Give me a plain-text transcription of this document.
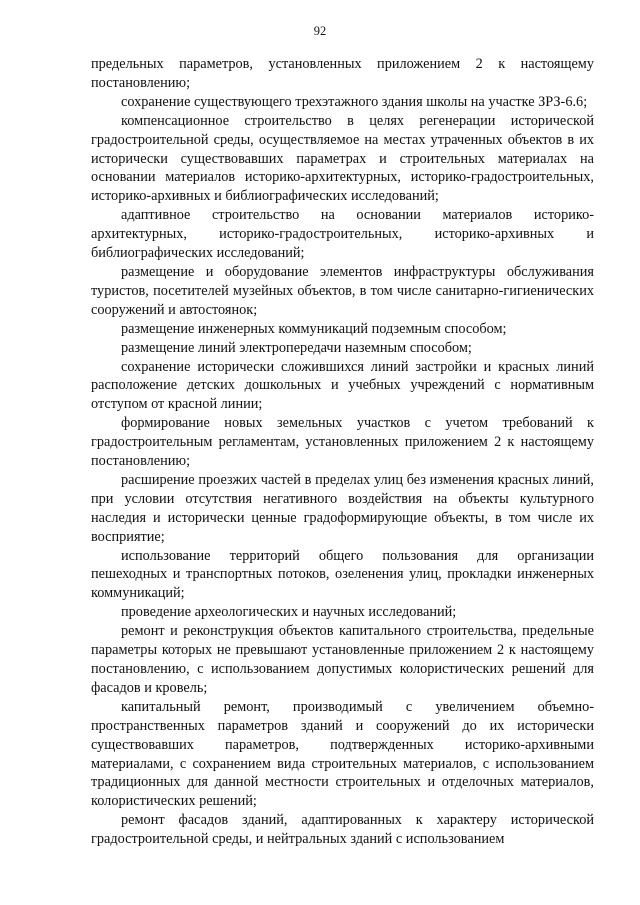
92

предельных параметров, установленных приложением 2 к настоящему постановлению;

сохранение существующего трехэтажного здания школы на участке ЗРЗ-6.6;

компенсационное строительство в целях регенерации исторической градостроительной среды, осуществляемое на местах утраченных объектов в их исторически существовавших параметрах и строительных материалах на основании материалов историко-архитектурных, историко-градостроительных, историко-архивных и библиографических исследований;

адаптивное строительство на основании материалов историко-архитектурных, историко-градостроительных, историко-архивных и библиографических исследований;

размещение и оборудование элементов инфраструктуры обслуживания туристов, посетителей музейных объектов, в том числе санитарно-гигиенических сооружений и автостоянок;

размещение инженерных коммуникаций подземным способом;

размещение линий электропередачи наземным способом;

сохранение исторически сложившихся линий застройки и красных линий расположение детских дошкольных и учебных учреждений с нормативным отступом от красной линии;

формирование новых земельных участков с учетом требований к градостроительным регламентам, установленных приложением 2 к настоящему постановлению;

расширение проезжих частей в пределах улиц без изменения красных линий, при условии отсутствия негативного воздействия на объекты культурного наследия и исторически ценные градоформирующие объекты, в том числе их восприятие;

использование территорий общего пользования для организации пешеходных и транспортных потоков, озеленения улиц, прокладки инженерных коммуникаций;

проведение археологических и научных исследований;

ремонт и реконструкция объектов капитального строительства, предельные параметры которых не превышают установленные приложением 2 к настоящему постановлению, с использованием допустимых колористических решений для фасадов и кровель;

капитальный ремонт, производимый с увеличением объемно-пространственных параметров зданий и сооружений до их исторически существовавших параметров, подтвержденных историко-архивными материалами, с сохранением вида строительных материалов, с использованием традиционных для данной местности строительных и отделочных материалов, колористических решений;

ремонт фасадов зданий, адаптированных к характеру исторической градостроительной среды, и нейтральных зданий с использованием
